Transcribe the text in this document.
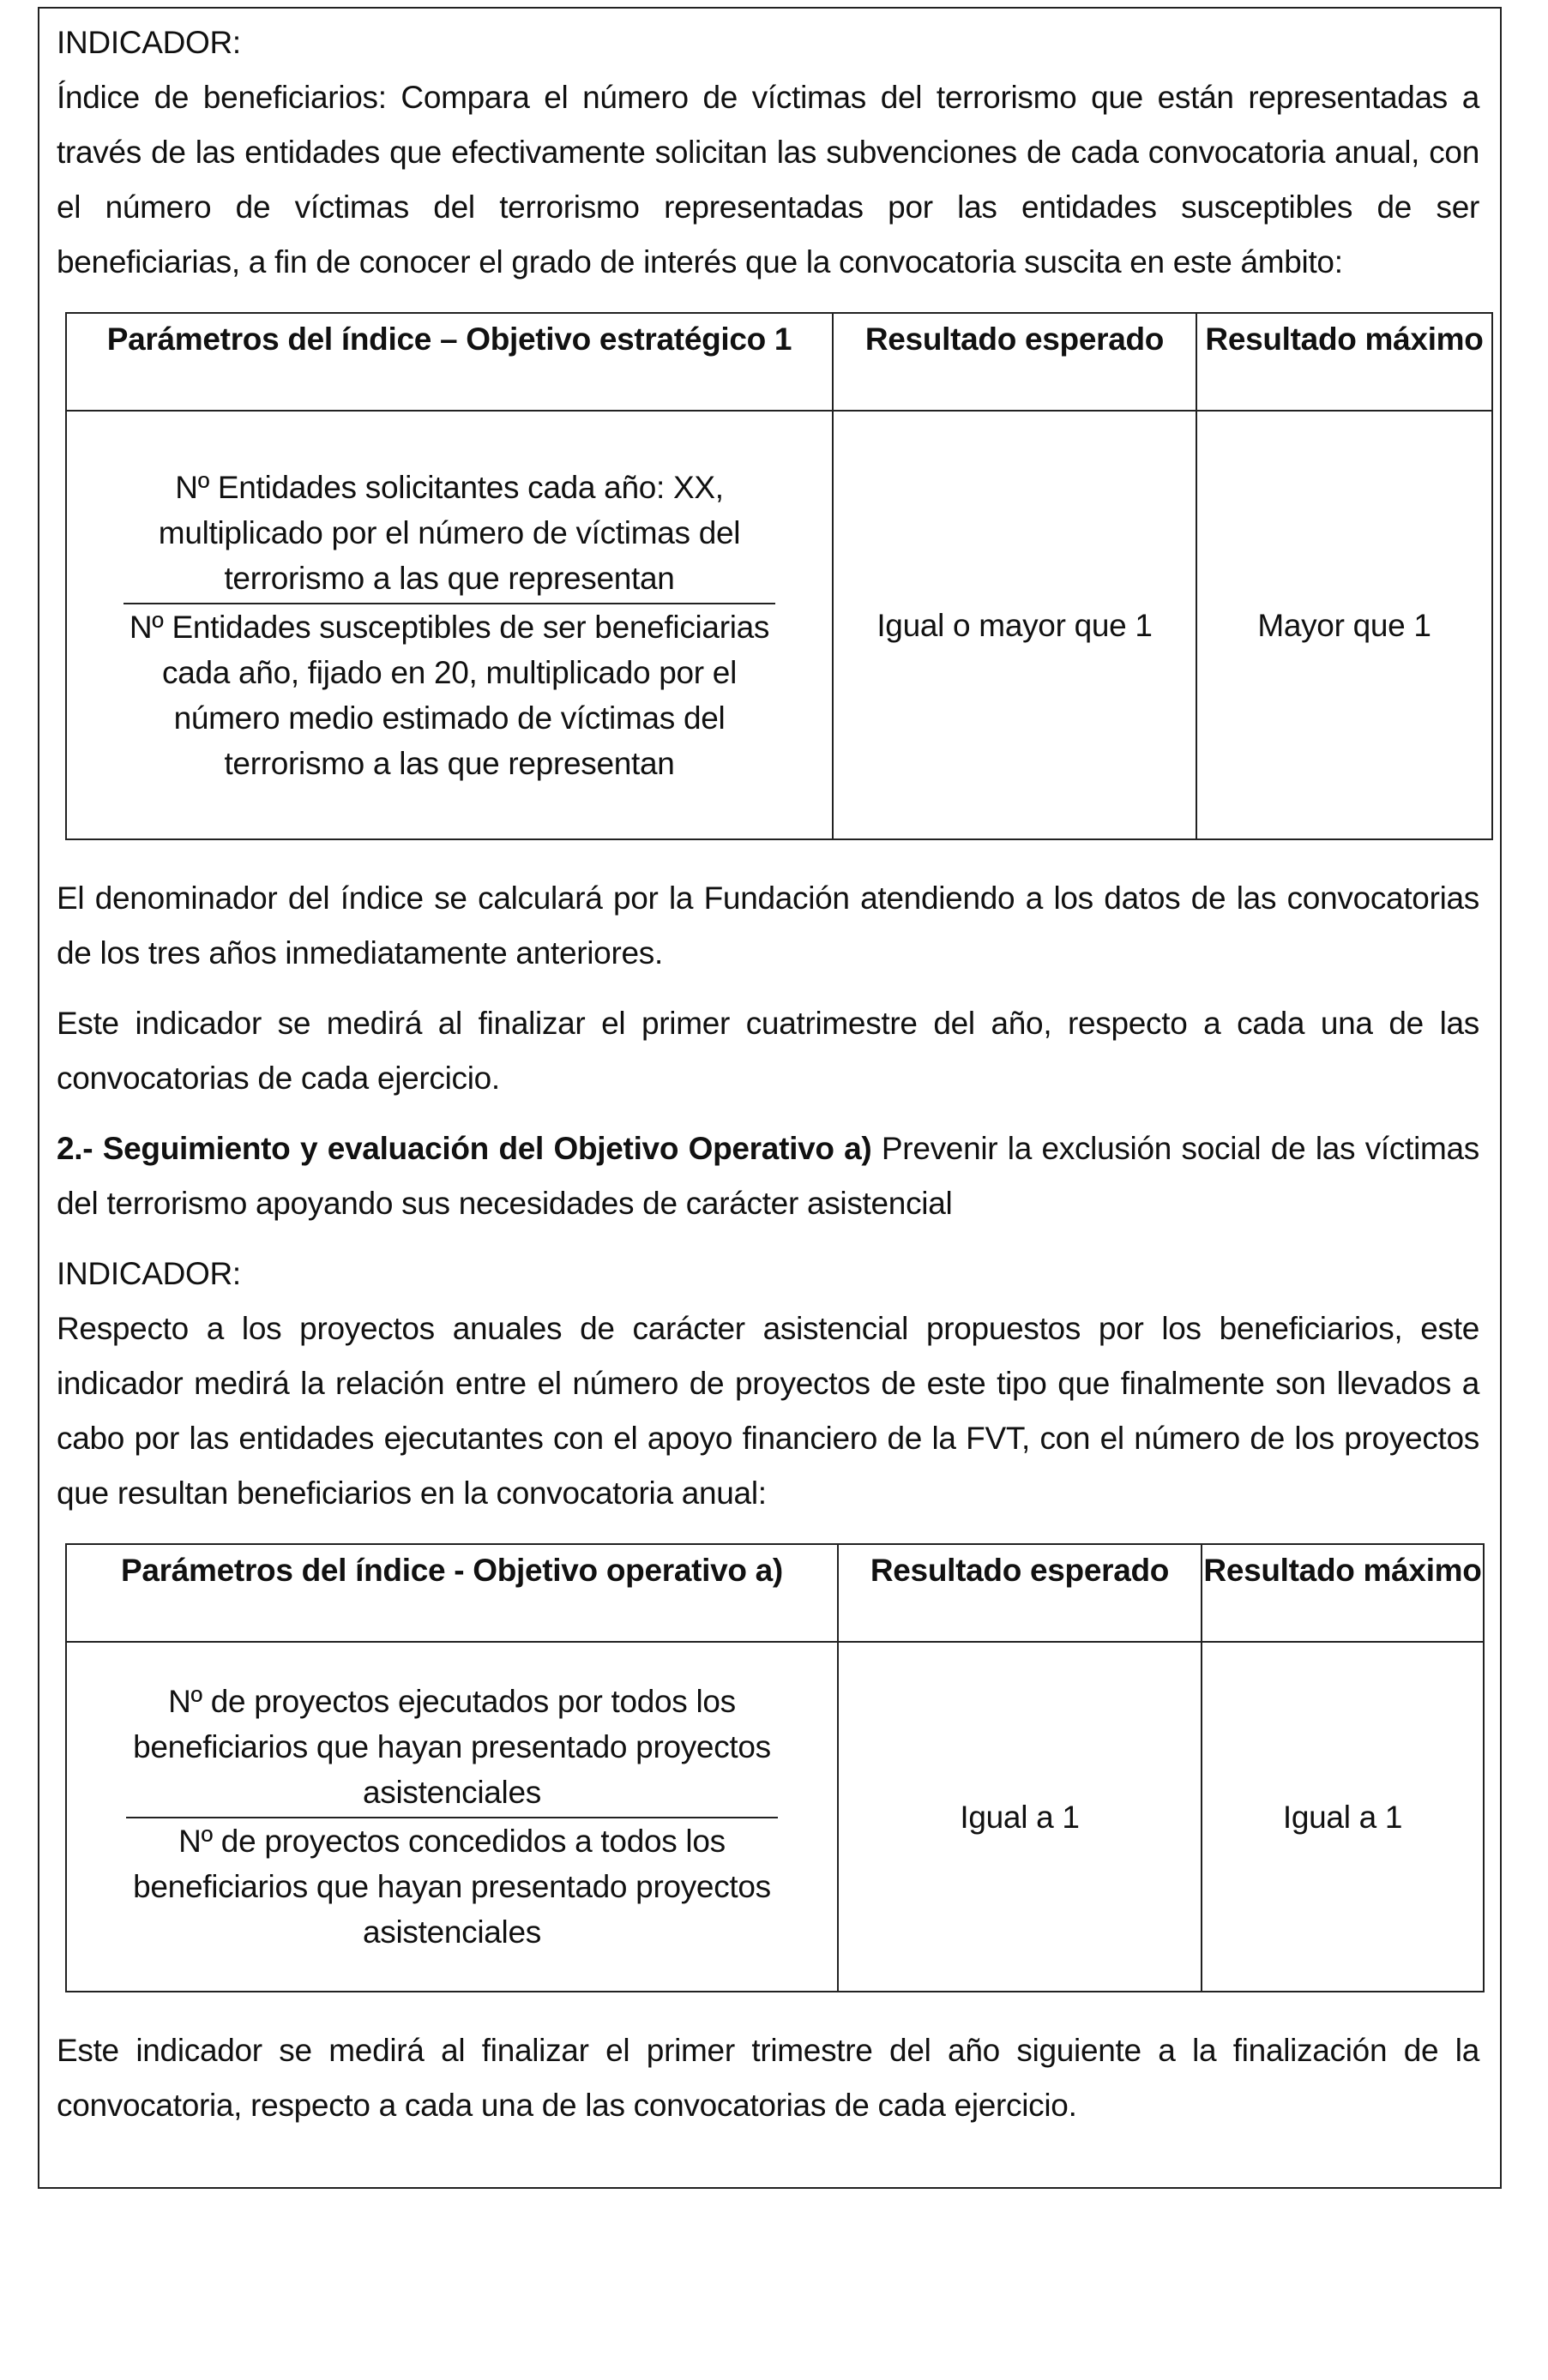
INDICADOR:

Índice de beneficiarios: Compara el número de víctimas del terrorismo que están representadas a través de las entidades que efectivamente solicitan las subvenciones de cada convocatoria anual, con el número de víctimas del terrorismo representadas por las entidades susceptibles de ser beneficiarias, a fin de conocer el grado de interés que la convocatoria suscita en este ámbito:

Parámetros del índice – Objetivo estratégico 1	Resultado esperado	Resultado máximo

Nº Entidades solicitantes cada año: XX, multiplicado por el número de víctimas del terrorismo a las que representan
Nº Entidades susceptibles de ser beneficiarias cada año, fijado en 20, multiplicado por el número medio estimado de víctimas del terrorismo a las que representan	Igual o mayor que 1	Mayor que 1

El denominador del índice se calculará por la Fundación atendiendo a los datos de las convocatorias de los tres años inmediatamente anteriores.

Este indicador se medirá al finalizar el primer cuatrimestre del año, respecto a cada una de las convocatorias de cada ejercicio.

2.- Seguimiento y evaluación del Objetivo Operativo a) Prevenir la exclusión social de las víctimas del terrorismo apoyando sus necesidades de carácter asistencial

INDICADOR:

Respecto a los proyectos anuales de carácter asistencial propuestos por los beneficiarios, este indicador medirá la relación entre el número de proyectos de este tipo que finalmente son llevados a cabo por las entidades ejecutantes con el apoyo financiero de la FVT, con el número de los proyectos que resultan beneficiarios en la convocatoria anual:

Parámetros del índice - Objetivo operativo a)	Resultado esperado	Resultado máximo

Nº de proyectos ejecutados por todos los beneficiarios que hayan presentado proyectos asistenciales
Nº de proyectos concedidos a todos los beneficiarios que hayan presentado proyectos asistenciales	Igual a 1	Igual a 1

Este indicador se medirá al finalizar el primer trimestre del año siguiente a la finalización de la convocatoria, respecto a cada una de las convocatorias de cada ejercicio.
